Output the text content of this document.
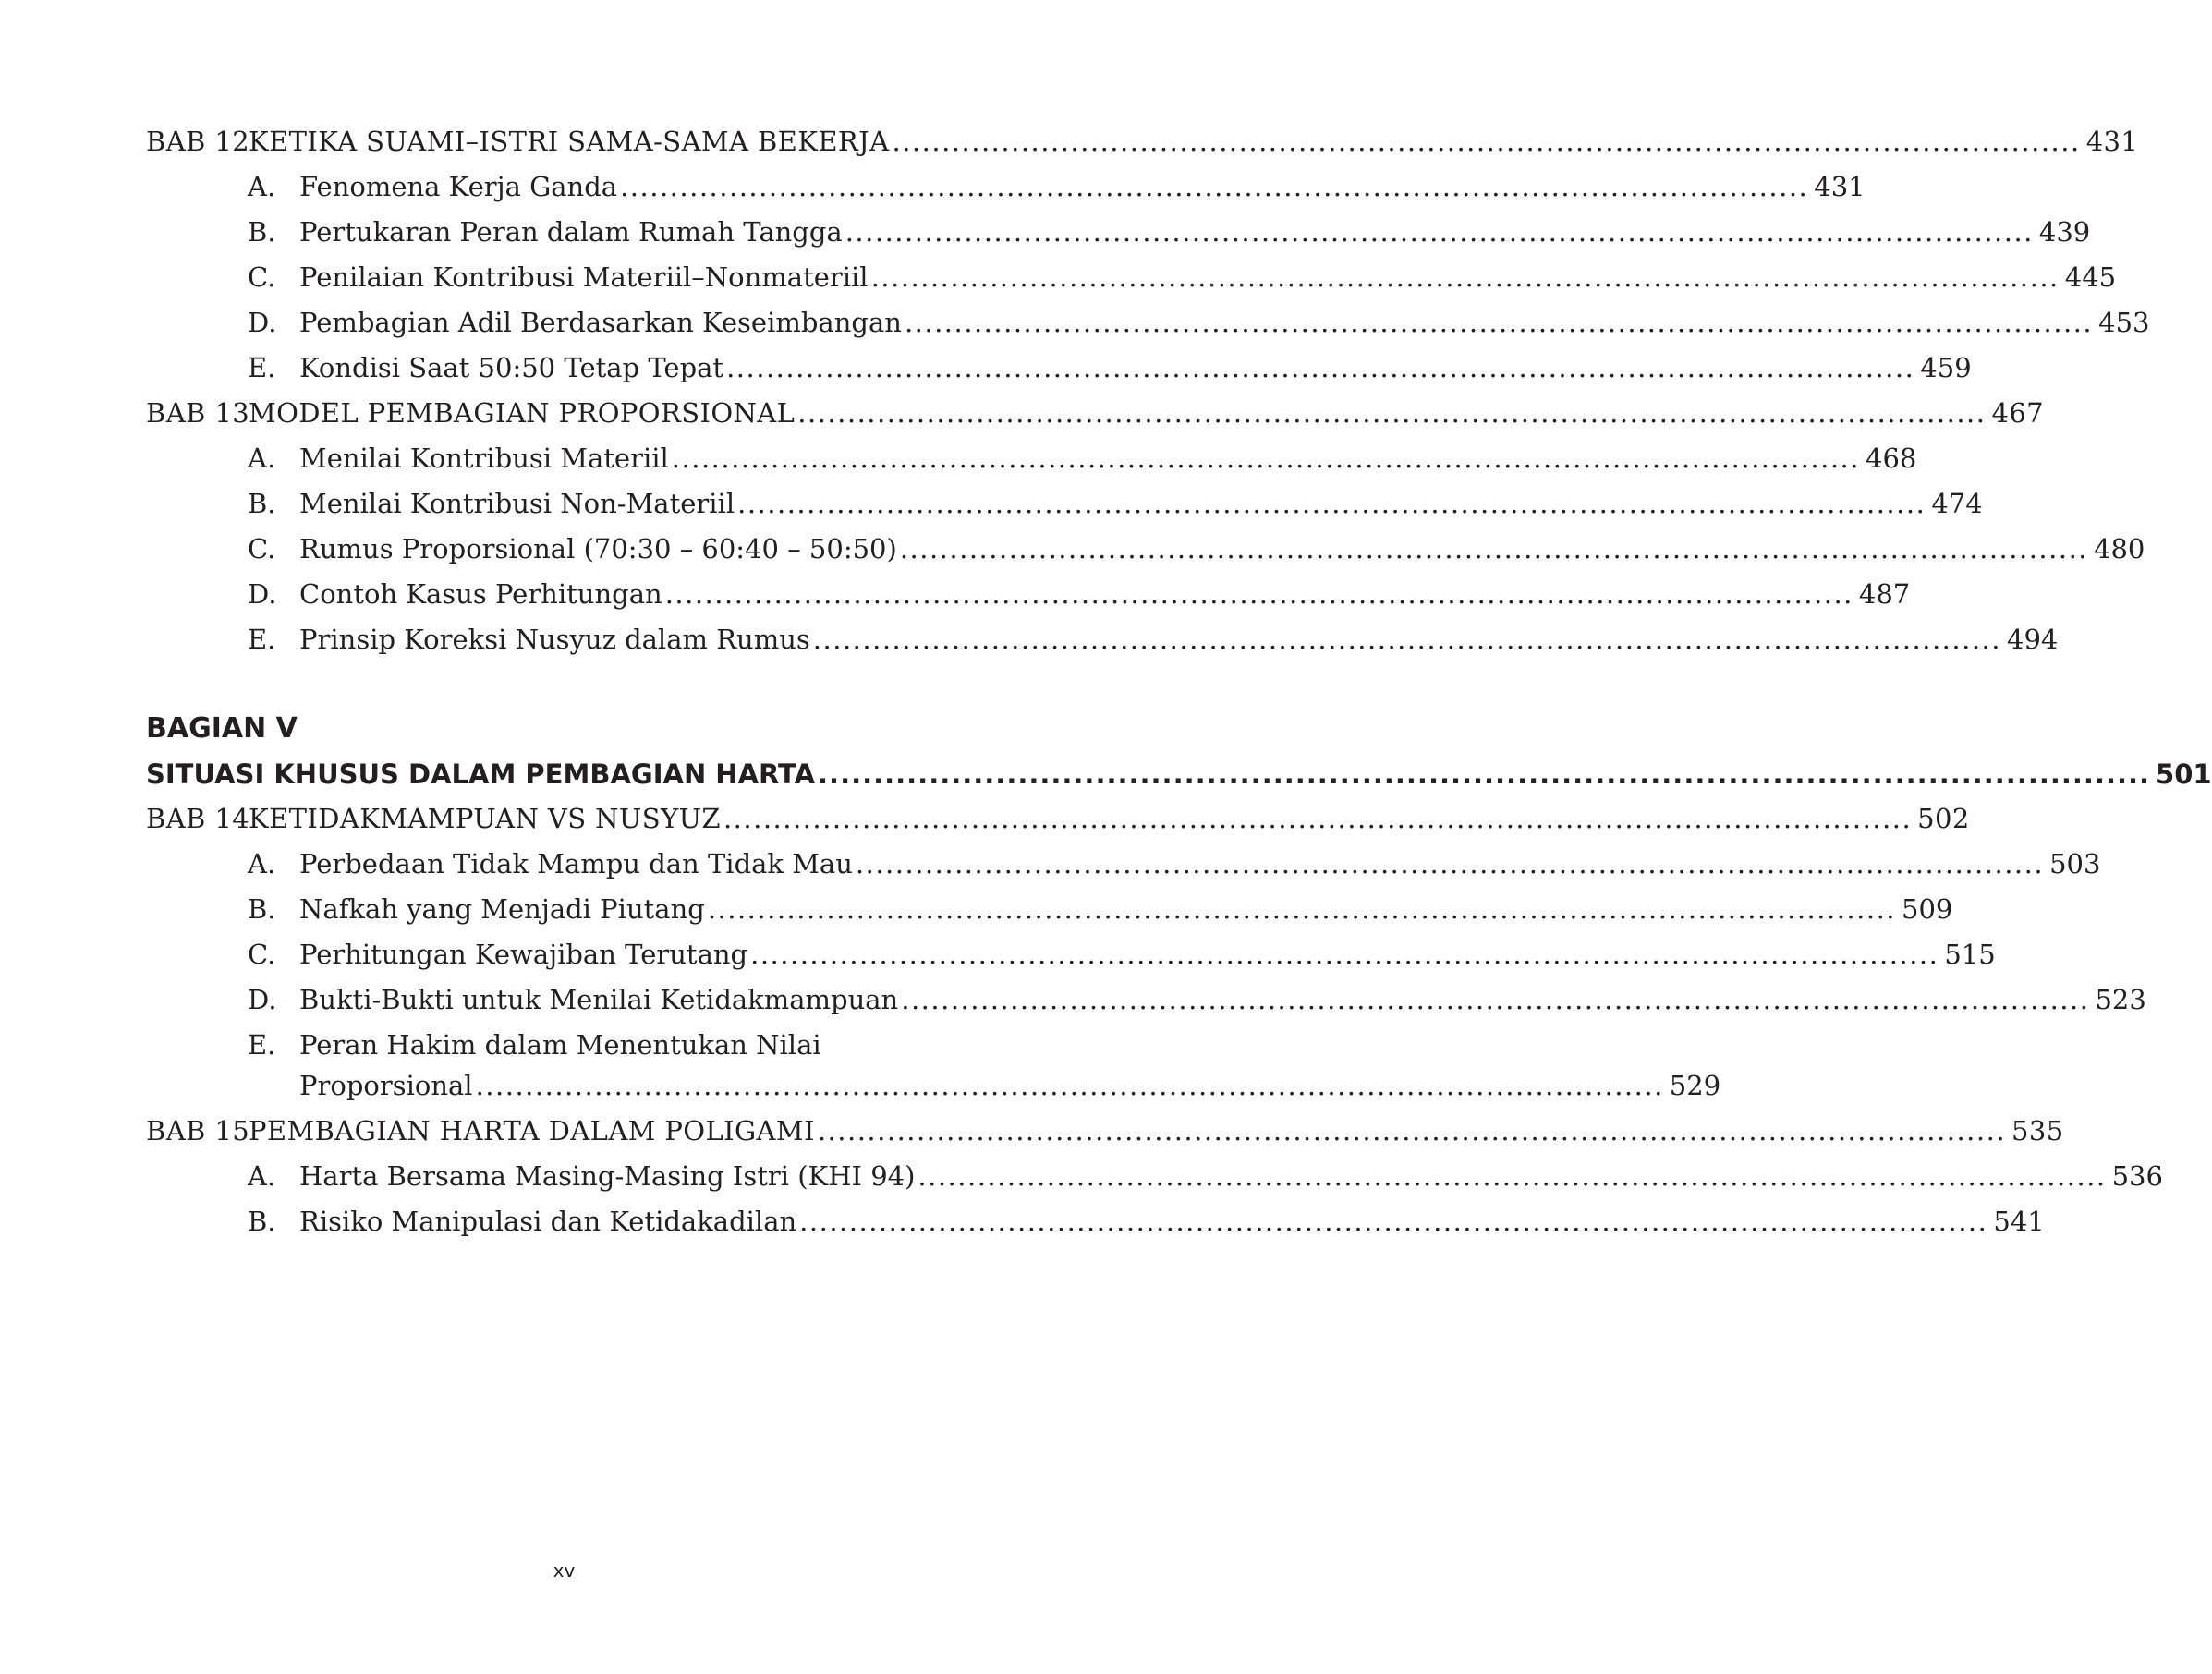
BAB 12
KETIKA SUAMI–ISTRI SAMA-SAMA BEKERJA ........................................................................................................................ 431
A. Fenomena Kerja Ganda ........................................................................................................................ 431
B. Pertukaran Peran dalam Rumah Tangga ........................................................................................................................ 439
C. Penilaian Kontribusi Materiil–Nonmateriil ........................................................................................................................ 445
D. Pembagian Adil Berdasarkan Keseimbangan ........................................................................................................................ 453
E. Kondisi Saat 50:50 Tetap Tepat ........................................................................................................................ 459
BAB 13
MODEL PEMBAGIAN PROPORSIONAL ........................................................................................................................ 467
A. Menilai Kontribusi Materiil ........................................................................................................................ 468
B. Menilai Kontribusi Non-Materiil ........................................................................................................................ 474
C. Rumus Proporsional (70:30 – 60:40 – 50:50) ........................................................................................................................ 480
D. Contoh Kasus Perhitungan ........................................................................................................................ 487
E. Prinsip Koreksi Nusyuz dalam Rumus ........................................................................................................................ 494
BAGIAN V
SITUASI KHUSUS DALAM PEMBAGIAN HARTA ........................................................................................................................ 501
BAB 14
KETIDAKMAMPUAN VS NUSYUZ ........................................................................................................................ 502
A. Perbedaan Tidak Mampu dan Tidak Mau ........................................................................................................................ 503
B. Nafkah yang Menjadi Piutang ........................................................................................................................ 509
C. Perhitungan Kewajiban Terutang ........................................................................................................................ 515
D. Bukti-Bukti untuk Menilai Ketidakmampuan ........................................................................................................................ 523
E. Peran Hakim dalam Menentukan Nilai
Proporsional ........................................................................................................................ 529
BAB 15
PEMBAGIAN HARTA DALAM POLIGAMI ........................................................................................................................ 535
A. Harta Bersama Masing-Masing Istri (KHI 94) ........................................................................................................................ 536
B. Risiko Manipulasi dan Ketidakadilan ........................................................................................................................ 541
xv
